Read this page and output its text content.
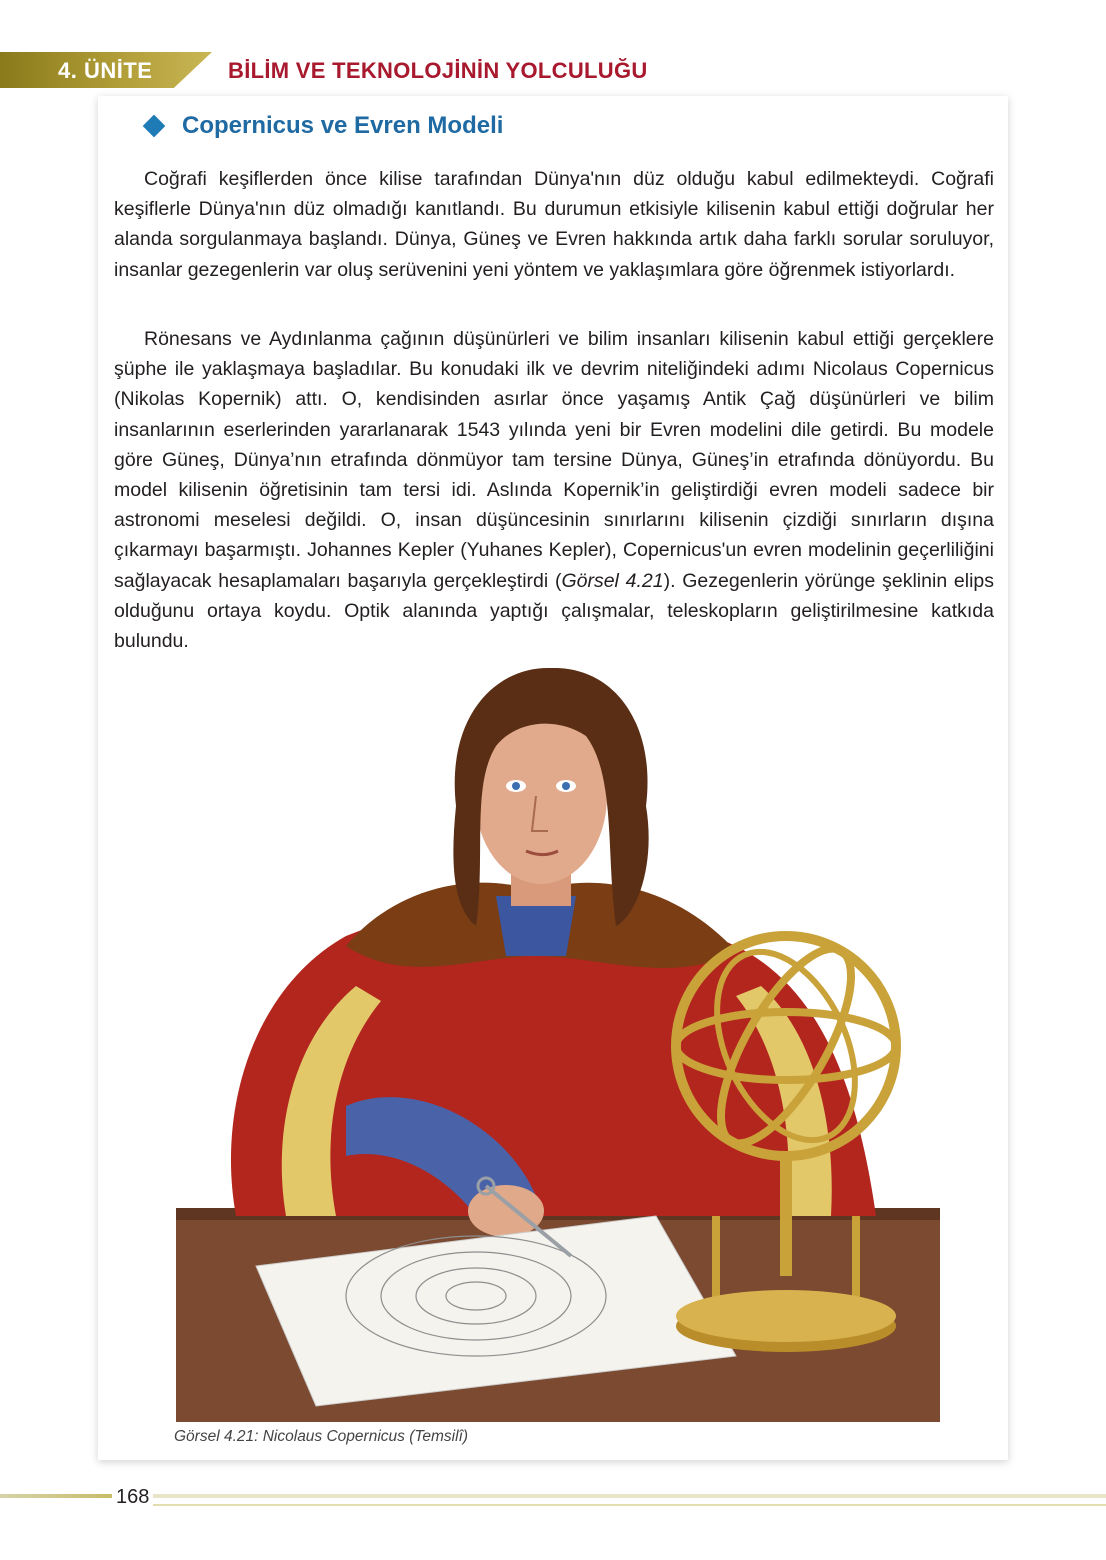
4. ÜNİTE	BİLİM VE TEKNOLOJİNİN YOLCULUĞU
Copernicus ve Evren Modeli

Coğrafi keşiflerden önce kilise tarafından Dünya'nın düz olduğu kabul edilmekteydi. Coğrafi keşiflerle Dünya'nın düz olmadığı kanıtlandı. Bu durumun etkisiyle kilisenin kabul ettiği doğrular her alanda sorgulanmaya başlandı. Dünya, Güneş ve Evren hakkında artık daha farklı sorular soruluyor, insanlar gezegenlerin var oluş serüvenini yeni yöntem ve yaklaşımlara göre öğrenmek istiyorlardı.

Rönesans ve Aydınlanma çağının düşünürleri ve bilim insanları kilisenin kabul ettiği gerçeklere şüphe ile yaklaşmaya başladılar. Bu konudaki ilk ve devrim niteliğindeki adımı Nicolaus Copernicus (Nikolas Kopernik) attı. O, kendisinden asırlar önce yaşamış Antik Çağ düşünürleri ve bilim insanlarının eserlerinden yararlanarak 1543 yılında yeni bir Evren modelini dile getirdi. Bu modele göre Güneş, Dünya’nın etrafında dönmüyor tam tersine Dünya, Güneş’in etrafında dönüyordu. Bu model kilisenin öğretisinin tam tersi idi. Aslında Kopernik’in geliştirdiği evren modeli sadece bir astronomi meselesi değildi. O, insan düşüncesinin sınırlarını kilisenin çizdiği sınırların dışına çıkarmayı başarmıştı. Johannes Kepler (Yuhanes Kepler), Copernicus'un evren modelinin geçerliliğini sağlayacak hesaplamaları başarıyla gerçekleştirdi (Görsel 4.21). Gezegenlerin yörünge şeklinin elips olduğunu ortaya koydu. Optik alanında yaptığı çalışmalar, teleskopların geliştirilmesine katkıda bulundu.

Görsel 4.21: Nicolaus Copernicus (Temsilî)
168
